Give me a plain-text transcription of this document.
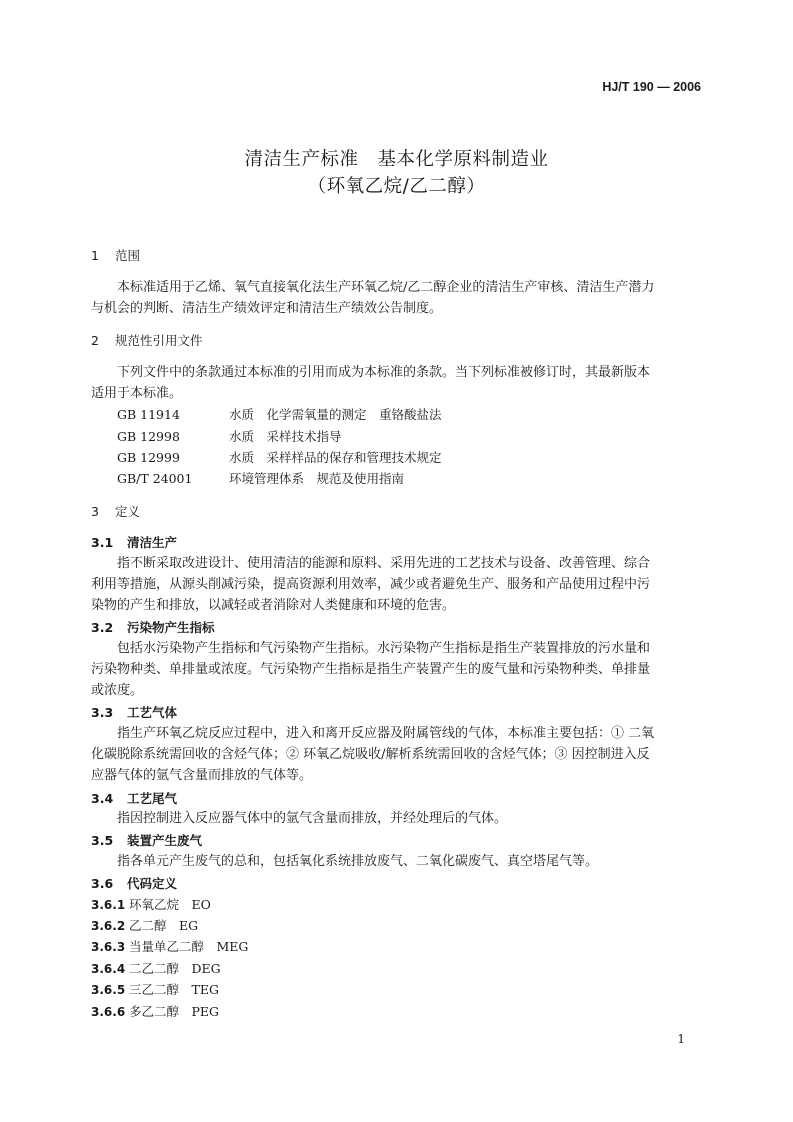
HJ/T 190 — 2006
清洁生产标准　基本化学原料制造业
（环氧乙烷/乙二醇）
1 范围
本标准适用于乙烯、氧气直接氧化法生产环氧乙烷/乙二醇企业的清洁生产审核、清洁生产潜力
与机会的判断、清洁生产绩效评定和清洁生产绩效公告制度。
2 规范性引用文件
下列文件中的条款通过本标准的引用而成为本标准的条款。当下列标准被修订时，其最新版本
适用于本标准。
GB 11914	水质　化学需氧量的测定　重铬酸盐法
GB 12998	水质　采样技术指导
GB 12999	水质　采样样品的保存和管理技术规定
GB/T 24001	环境管理体系　规范及使用指南
3 定义
3.1 清洁生产
指不断采取改进设计、使用清洁的能源和原料、采用先进的工艺技术与设备、改善管理、综合
利用等措施，从源头削减污染，提高资源利用效率，减少或者避免生产、服务和产品使用过程中污
染物的产生和排放，以减轻或者消除对人类健康和环境的危害。
3.2 污染物产生指标
包括水污染物产生指标和气污染物产生指标。水污染物产生指标是指生产装置排放的污水量和
污染物种类、单排量或浓度。气污染物产生指标是指生产装置产生的废气量和污染物种类、单排量
或浓度。
3.3 工艺气体
指生产环氧乙烷反应过程中，进入和离开反应器及附属管线的气体，本标准主要包括：① 二氧
化碳脱除系统需回收的含烃气体；② 环氧乙烷吸收/解析系统需回收的含烃气体；③ 因控制进入反
应器气体的氩气含量而排放的气体等。
3.4 工艺尾气
指因控制进入反应器气体中的氩气含量而排放，并经处理后的气体。
3.5 装置产生废气
指各单元产生废气的总和，包括氧化系统排放废气、二氧化碳废气、真空塔尾气等。
3.6 代码定义
3.6.1 环氧乙烷　EO
3.6.2 乙二醇　EG
3.6.3 当量单乙二醇　MEG
3.6.4 二乙二醇　DEG
3.6.5 三乙二醇　TEG
3.6.6 多乙二醇　PEG
1
